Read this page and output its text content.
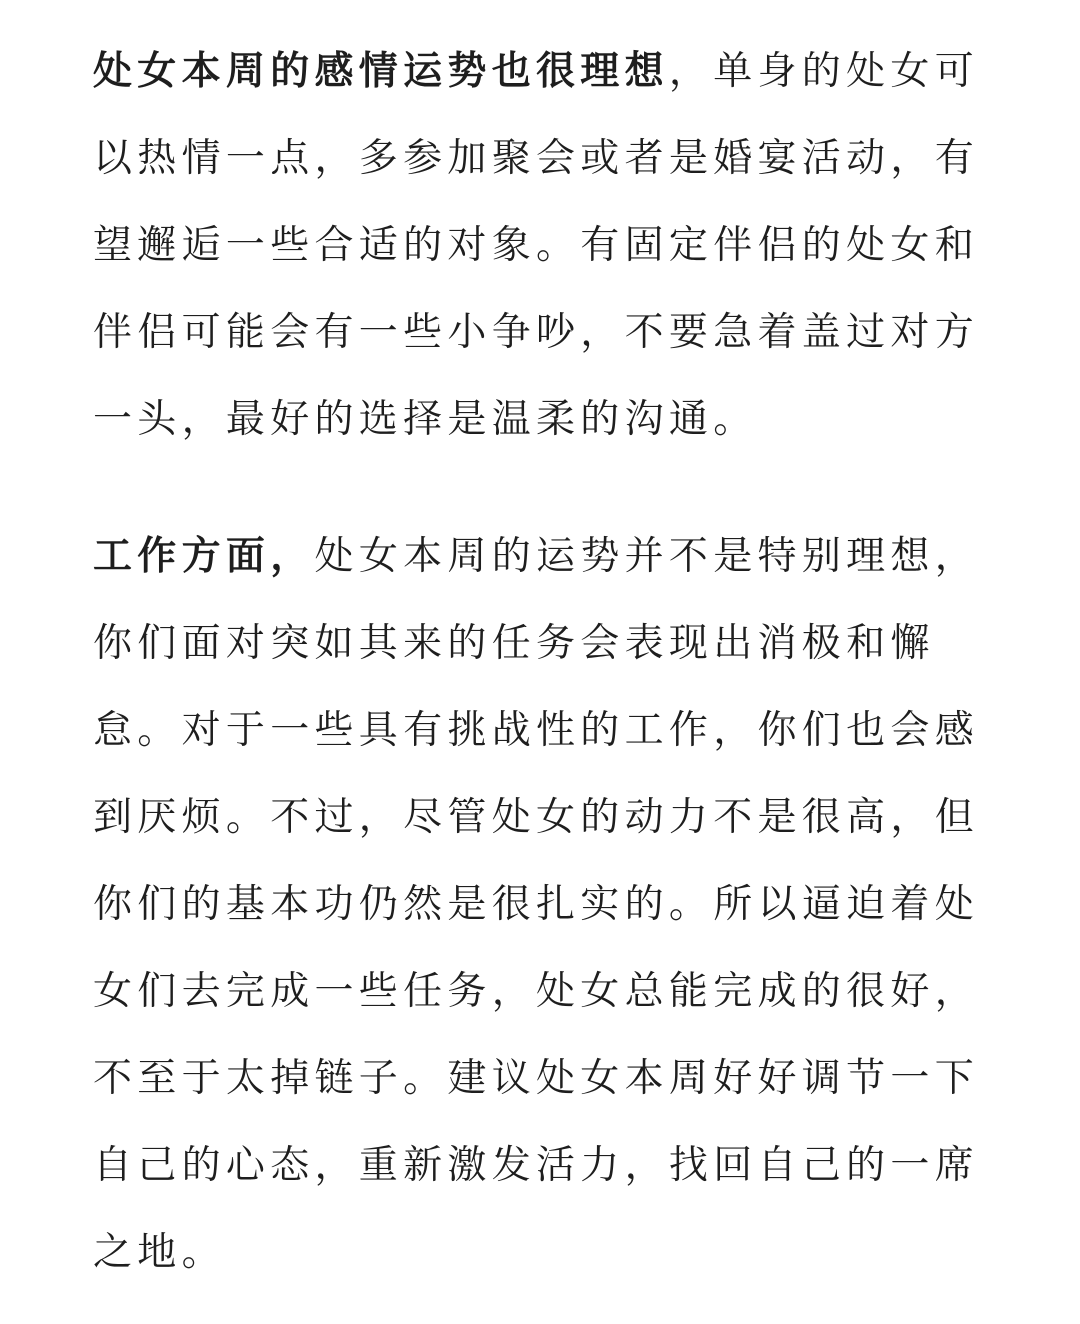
处女本周的感情运势也很理想，单身的处女可以热情一点，多参加聚会或者是婚宴活动，有望邂逅一些合适的对象。有固定伴侣的处女和伴侣可能会有一些小争吵，不要急着盖过对方一头，最好的选择是温柔的沟通。

工作方面，处女本周的运势并不是特别理想，你们面对突如其来的任务会表现出消极和懈怠。对于一些具有挑战性的工作，你们也会感到厌烦。不过，尽管处女的动力不是很高，但你们的基本功仍然是很扎实的。所以逼迫着处女们去完成一些任务，处女总能完成的很好，不至于太掉链子。建议处女本周好好调节一下自己的心态，重新激发活力，找回自己的一席之地。
